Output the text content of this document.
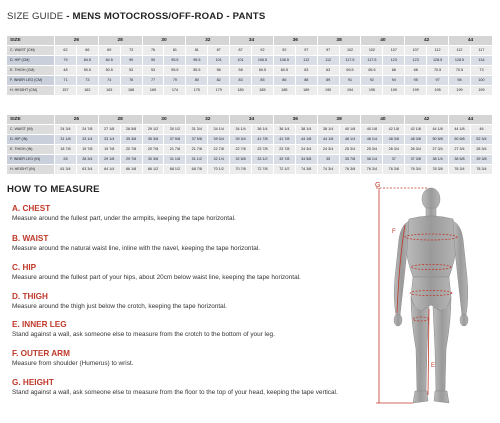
SIZE GUIDE - MENS MOTOCROSS/OFF-ROAD - PANTS
SIZE	26		28		30		32		34		36		38		40		42		44	
C. WAIST (CM)	62	66	69	73	76	81	81	87	87	92	92	97	97	102	102	107	107	112	112	117
D. HIP (CM)	79	84.5	84.5	90	90	95.5	95.5	101	101	106.5	106.5	112	112	117.5	117.5	123	123	128.5	128.5	134
E. THIGH (CM)	48	50.5	50.5	53	53	55.5	55.5	58	58	60.5	60.5	63	63	65.5	65.5	68	68	70.5	70.5	73
F. INNER LEG (CM)	71	73	74	76	77	79	80	82	83	85	86	88	89	91	92	94	95	97	98	100
H. HEIGHT (CM)	157	162	163	168	169	174	175	179	180	185	185	189	190	194	195	199	199	195	199	199
SIZE	26		28		30		32		34		36		38		40		42		44	
C. WAIST (IN)	24 3/4	24 7/8	27 1/8	28 5/8	29 1/2	30 1/2	31 3/4	34 1/4	34 1/4	36 1/4	36 1/4	38 1/4	38 1/4	40 1/8	40 1/8	42 1/8	42 1/8	44 1/8	44 1/8	46
D. HIP (IN)	31 1/8	33 1/4	33 1/4	35 3/8	35 3/8	37 5/8	37 5/8	39 3/4	39 3/4	41 7/8	41 7/8	44 1/8	44 1/8	46 1/4	46 1/4	48 3/8	48 3/8	50 5/8	50 5/8	52 3/4
E. THIGH (IN)	18 7/8	19 7/8	19 7/8	20 7/8	20 7/8	21 7/8	21 7/8	22 7/8	22 7/8	23 7/8	23 7/8	24 3/4	24 3/4	25 3/4	25 3/4	26 3/4	26 3/4	27 3/4	27 3/4	28 3/4
F. INNER LEG (IN)	28	28 3/4	29 1/8	29 7/8	30 3/8	31 1/8	31 1/2	32 1/4	32 5/8	33 1/2	33 7/8	34 5/8	35	35 7/8	36 1/4	37	37 3/8	38 1/4	38 5/8	39 3/8
H. HEIGHT (IN)	61 3/4	63 3/4	64 1/4	66 1/8	66 1/2	68 1/2	68 7/8	70 1/2	70 7/8	72 7/8	72 1/2	74 3/8	74 3/4	76 3/8	76 3/4	76 3/8	76 3/4	78 3/8	78 3/4	78 3/4
HOW TO MEASURE
A. CHEST
Measure around the fullest part, under the armpits, keeping the tape horizontal.
B. WAIST
Measure around the natural waist line, inline with the navel, keeping the tape horizontal.
C. HIP
Measure around the fullest part of your hips, about 20cm below waist line, keeping the tape horizontal.
D. THIGH
Measure around the thigh just below the crotch, keeping the tape horizontal.
E. INNER LEG
Stand against a wall, ask someone else to measure from the crotch to the bottom of your leg.
F. OUTER ARM
Measure from shoulder (Humerus) to wrist.
G. HEIGHT
Stand against a wall, ask someone else to measure from the floor to the top of your head, keeping the tape vertical.
G
F
E
